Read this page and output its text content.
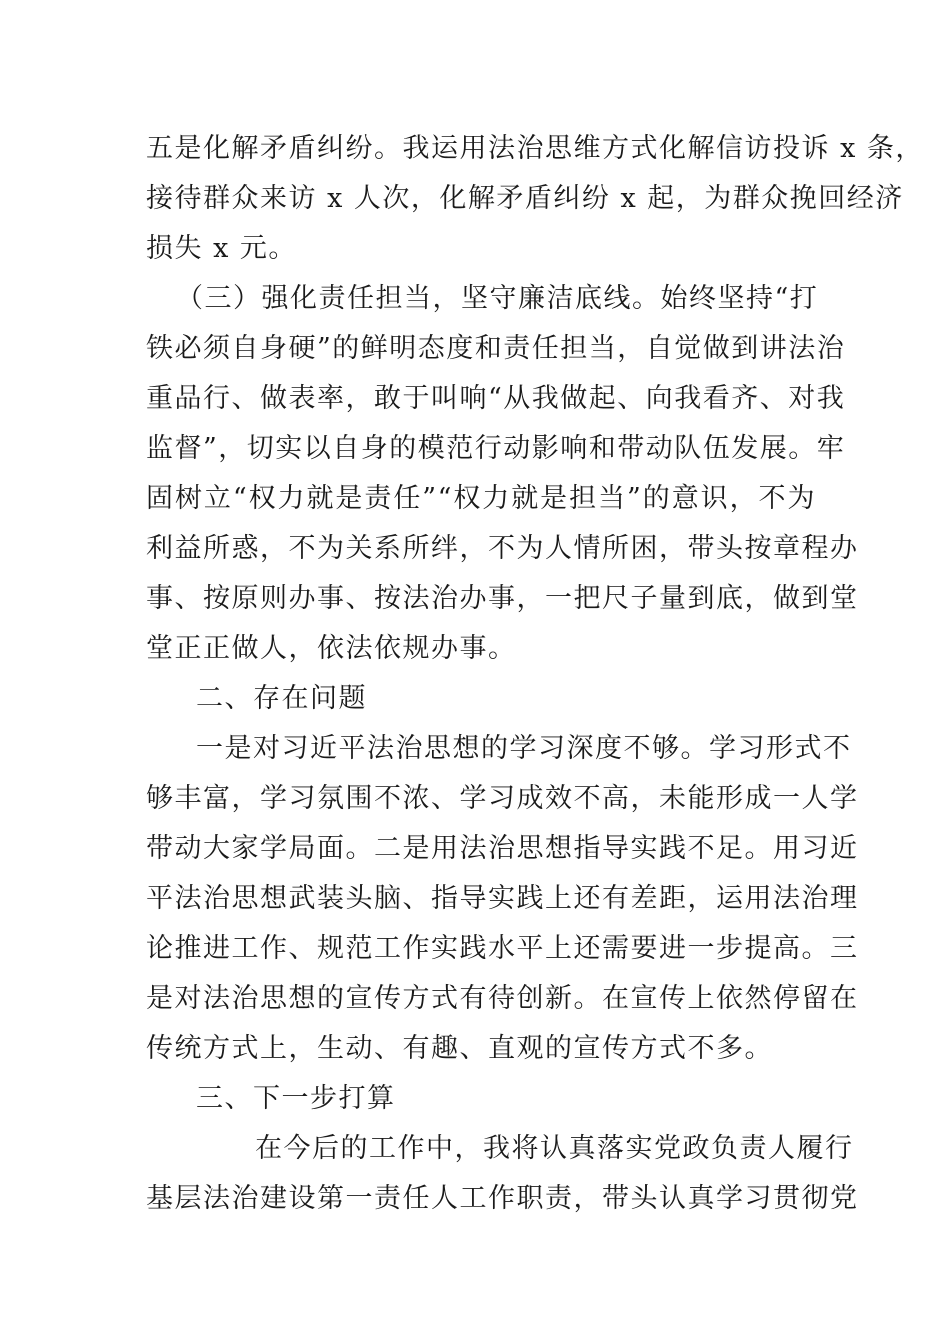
五是化解矛盾纠纷。我运用法治思维方式化解信访投诉 x 条，
接待群众来访 x 人次，化解矛盾纠纷 x 起，为群众挽回经济
损失 x 元。
（三）强化责任担当，坚守廉洁底线。始终坚持“打
铁必须自身硬”的鲜明态度和责任担当，自觉做到讲法治
重品行、做表率，敢于叫响“从我做起、向我看齐、对我
监督”，切实以自身的模范行动影响和带动队伍发展。牢
固树立“权力就是责任”“权力就是担当”的意识，不为
利益所惑，不为关系所绊，不为人情所困，带头按章程办
事、按原则办事、按法治办事，一把尺子量到底，做到堂
堂正正做人，依法依规办事。
二、存在问题
一是对习近平法治思想的学习深度不够。学习形式不
够丰富，学习氛围不浓、学习成效不高，未能形成一人学
带动大家学局面。二是用法治思想指导实践不足。用习近
平法治思想武装头脑、指导实践上还有差距，运用法治理
论推进工作、规范工作实践水平上还需要进一步提高。三
是对法治思想的宣传方式有待创新。在宣传上依然停留在
传统方式上，生动、有趣、直观的宣传方式不多。
三、下一步打算
在今后的工作中，我将认真落实党政负责人履行
基层法治建设第一责任人工作职责，带头认真学习贯彻党
